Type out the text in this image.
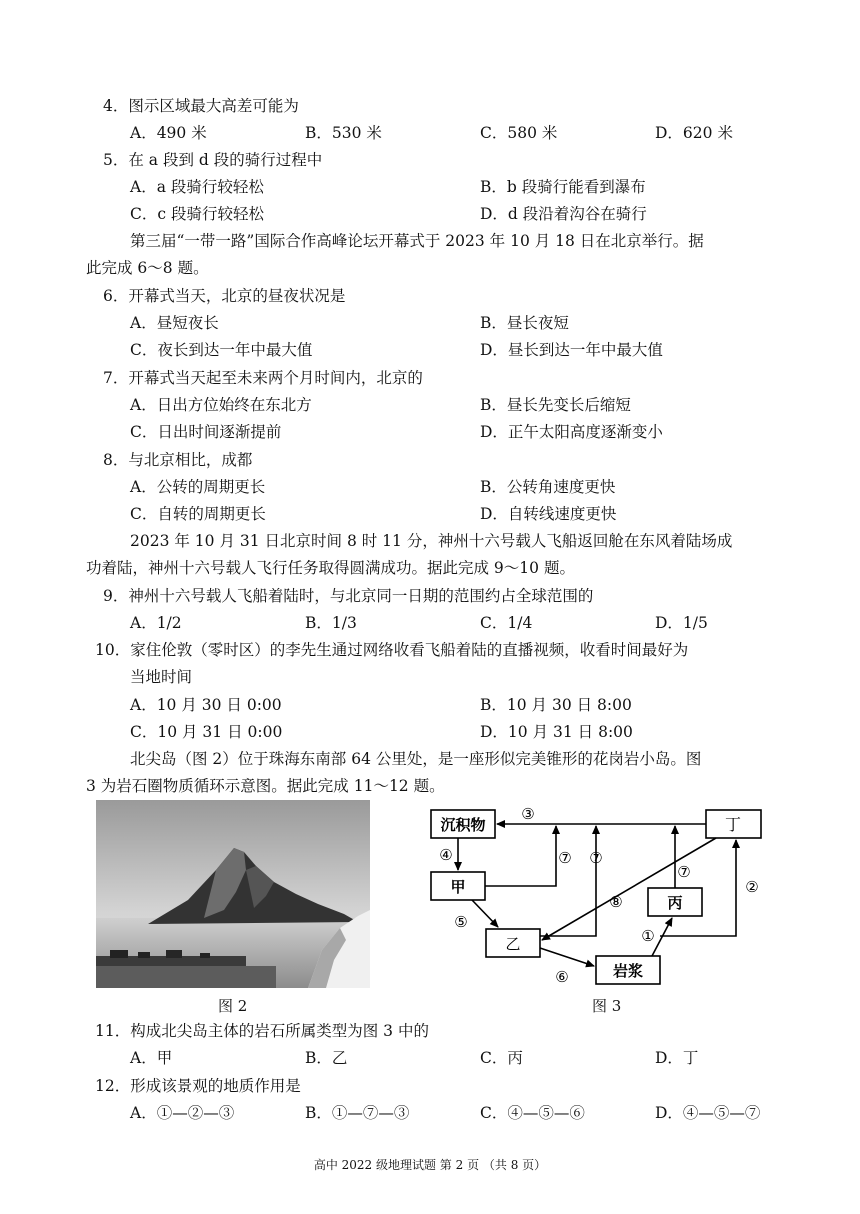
4．图示区域最大高差可能为
A．490 米	B．530 米	C．580 米	D．620 米
5．在 a 段到 d 段的骑行过程中
A．a 段骑行较轻松	B．b 段骑行能看到瀑布
C．c 段骑行较轻松	D．d 段沿着沟谷在骑行
第三届“一带一路”国际合作高峰论坛开幕式于 2023 年 10 月 18 日在北京举行。据
此完成 6～8 题。
6．开幕式当天，北京的昼夜状况是
A．昼短夜长	B．昼长夜短
C．夜长到达一年中最大值	D．昼长到达一年中最大值
7．开幕式当天起至未来两个月时间内，北京的
A．日出方位始终在东北方	B．昼长先变长后缩短
C．日出时间逐渐提前	D．正午太阳高度逐渐变小
8．与北京相比，成都
A．公转的周期更长	B．公转角速度更快
C．自转的周期更长	D．自转线速度更快
2023 年 10 月 31 日北京时间 8 时 11 分，神州十六号载人飞船返回舱在东风着陆场成
功着陆，神州十六号载人飞行任务取得圆满成功。据此完成 9～10 题。
9．神州十六号载人飞船着陆时，与北京同一日期的范围约占全球范围的
A．1/2	B．1/3	C．1/4	D．1/5
10．家住伦敦（零时区）的李先生通过网络收看飞船着陆的直播视频，收看时间最好为
当地时间
A．10 月 30 日 0:00	B．10 月 30 日 8:00
C．10 月 31 日 0:00	D．10 月 31 日 8:00
北尖岛（图 2）位于珠海东南部 64 公里处，是一座形似完美锥形的花岗岩小岛。图
3 为岩石圈物质循环示意图。据此完成 11～12 题。
图 2
沉积物	丁
甲
丙
乙
岩浆
③
④	⑦ ⑦
⑦
⑧
⑤
⑥
①
②
图 3
11．构成北尖岛主体的岩石所属类型为图 3 中的
A．甲	B．乙	C．丙	D．丁
12．形成该景观的地质作用是
A．①—②—③	B．①—⑦—③	C．④—⑤—⑥	D．④—⑤—⑦
高中 2022 级地理试题 第 2 页 （共 8 页）
